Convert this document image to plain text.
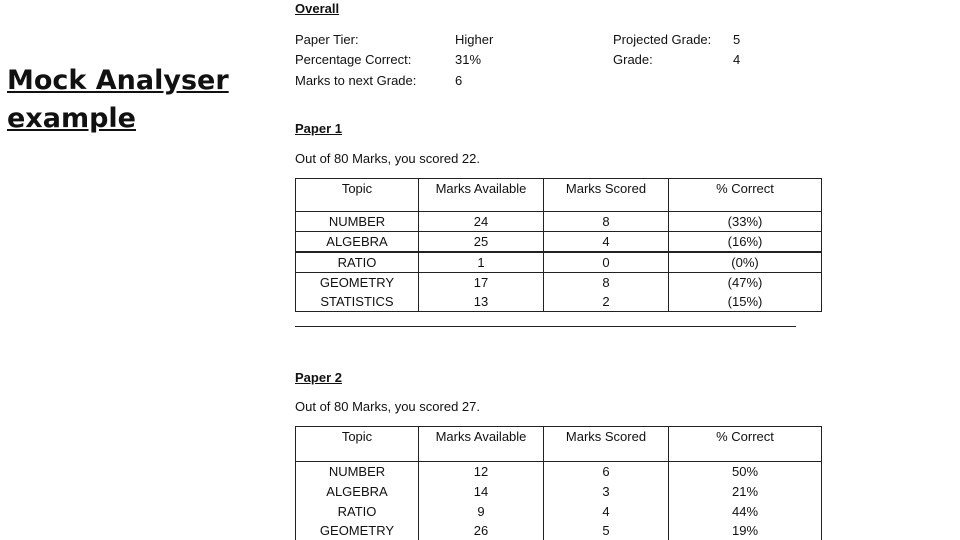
Mock Analyser
example
Overall
Paper Tier:	Higher	Projected Grade: 5
Percentage Correct:	31%	Grade:	4
Marks to next Grade:	6
Paper 1
Out of 80 Marks, you scored 22.
Topic	Marks Available	Marks Scored	% Correct
NUMBER	24	8	(33%)
ALGEBRA	25	4	(16%)
RATIO	1	0	(0%)
GEOMETRY	17	8	(47%)
STATISTICS	13	2	(15%)
Paper 2
Out of 80 Marks, you scored 27.
Topic	Marks Available	Marks Scored	% Correct
NUMBER	12	6	50%
ALGEBRA	14	3	21%
RATIO	9	4	44%
GEOMETRY	26	5	19%
